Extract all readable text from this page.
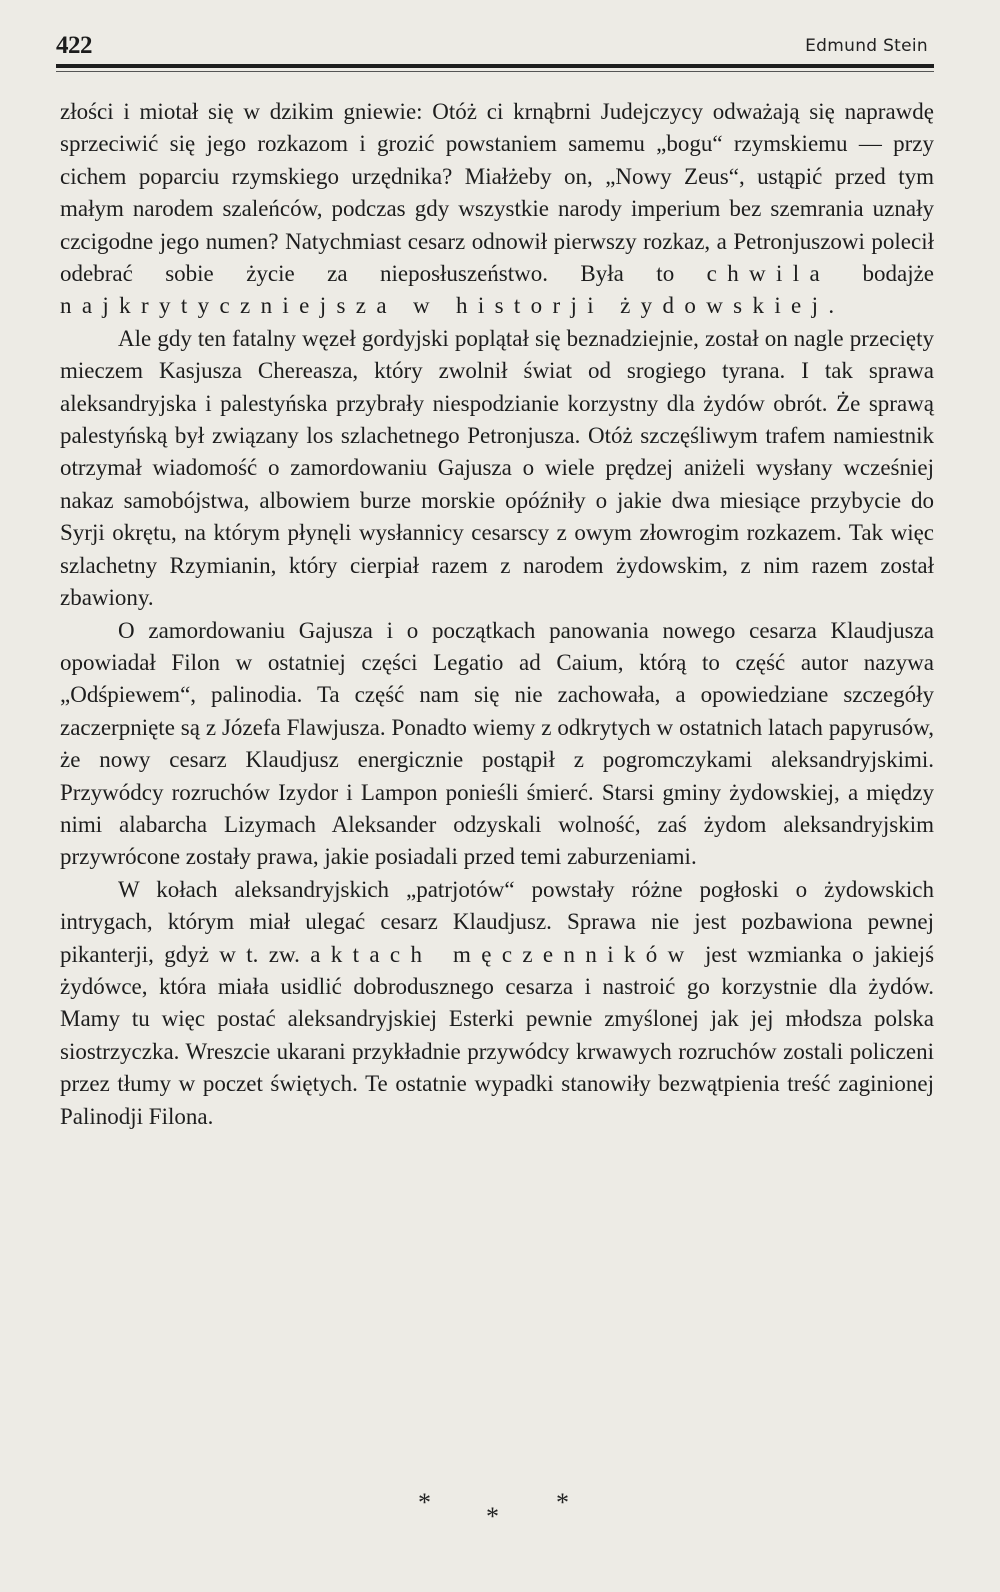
422	Edmund Stein

złości i miotał się w dzikim gniewie: Otóż ci krnąbrni Judejczycy odważają się naprawdę sprzeciwić się jego rozkazom i grozić powstaniem samemu „bogu“ rzymskiemu — przy cichem poparciu rzymskiego urzędnika? Miałżeby on, „Nowy Zeus“, ustąpić przed tym małym narodem szaleńców, podczas gdy wszystkie narody imperium bez szemrania uznały czcigodne jego numen? Natychmiast cesarz odnowił pierwszy rozkaz, a Petronjuszowi polecił odebrać sobie życie za nieposłuszeństwo. Była to chwila bodajże najkrytyczniejsza w historji żydowskiej.

Ale gdy ten fatalny węzeł gordyjski poplątał się beznadziejnie, został on nagle przecięty mieczem Kasjusza Chereasza, który zwolnił świat od srogiego tyrana. I tak sprawa aleksandryjska i palestyńska przybrały niespodzianie korzystny dla żydów obrót. Że sprawą palestyńską był związany los szlachetnego Petronjusza. Otóż szczęśliwym trafem namiestnik otrzymał wiadomość o zamordowaniu Gajusza o wiele prędzej aniżeli wysłany wcześniej nakaz samobójstwa, albowiem burze morskie opóźniły o jakie dwa miesiące przybycie do Syrji okrętu, na którym płynęli wysłannicy cesarscy z owym złowrogim rozkazem. Tak więc szlachetny Rzymianin, który cierpiał razem z narodem żydowskim, z nim razem został zbawiony.

O zamordowaniu Gajusza i o początkach panowania nowego cesarza Klaudjusza opowiadał Filon w ostatniej części Legatio ad Caium, którą to część autor nazywa „Odśpiewem“, palinodia. Ta część nam się nie zachowała, a opowiedziane szczegóły zaczerpnięte są z Józefa Flawjusza. Ponadto wiemy z odkrytych w ostatnich latach papyrusów, że nowy cesarz Klaudjusz energicznie postąpił z pogromczykami aleksandryjskimi. Przywódcy rozruchów Izydor i Lampon ponieśli śmierć. Starsi gminy żydowskiej, a między nimi alabarcha Lizymach Aleksander odzyskali wolność, zaś żydom aleksandryjskim przywrócone zostały prawa, jakie posiadali przed temi zaburzeniami.

W kołach aleksandryjskich „patrjotów“ powstały różne pogłoski o żydowskich intrygach, którym miał ulegać cesarz Klaudjusz. Sprawa nie jest pozbawiona pewnej pikanterji, gdyż w t. zw. aktach męczenników jest wzmianka o jakiejś żydówce, która miała usidlić dobrodusznego cesarza i nastroić go korzystnie dla żydów. Mamy tu więc postać aleksandryjskiej Esterki pewnie zmyślonej jak jej młodsza polska siostrzyczka. Wreszcie ukarani przykładnie przywódcy krwawych rozruchów zostali policzeni przez tłumy w poczet świętych. Te ostatnie wypadki stanowiły bezwątpienia treść zaginionej Palinodji Filona.

* * *
